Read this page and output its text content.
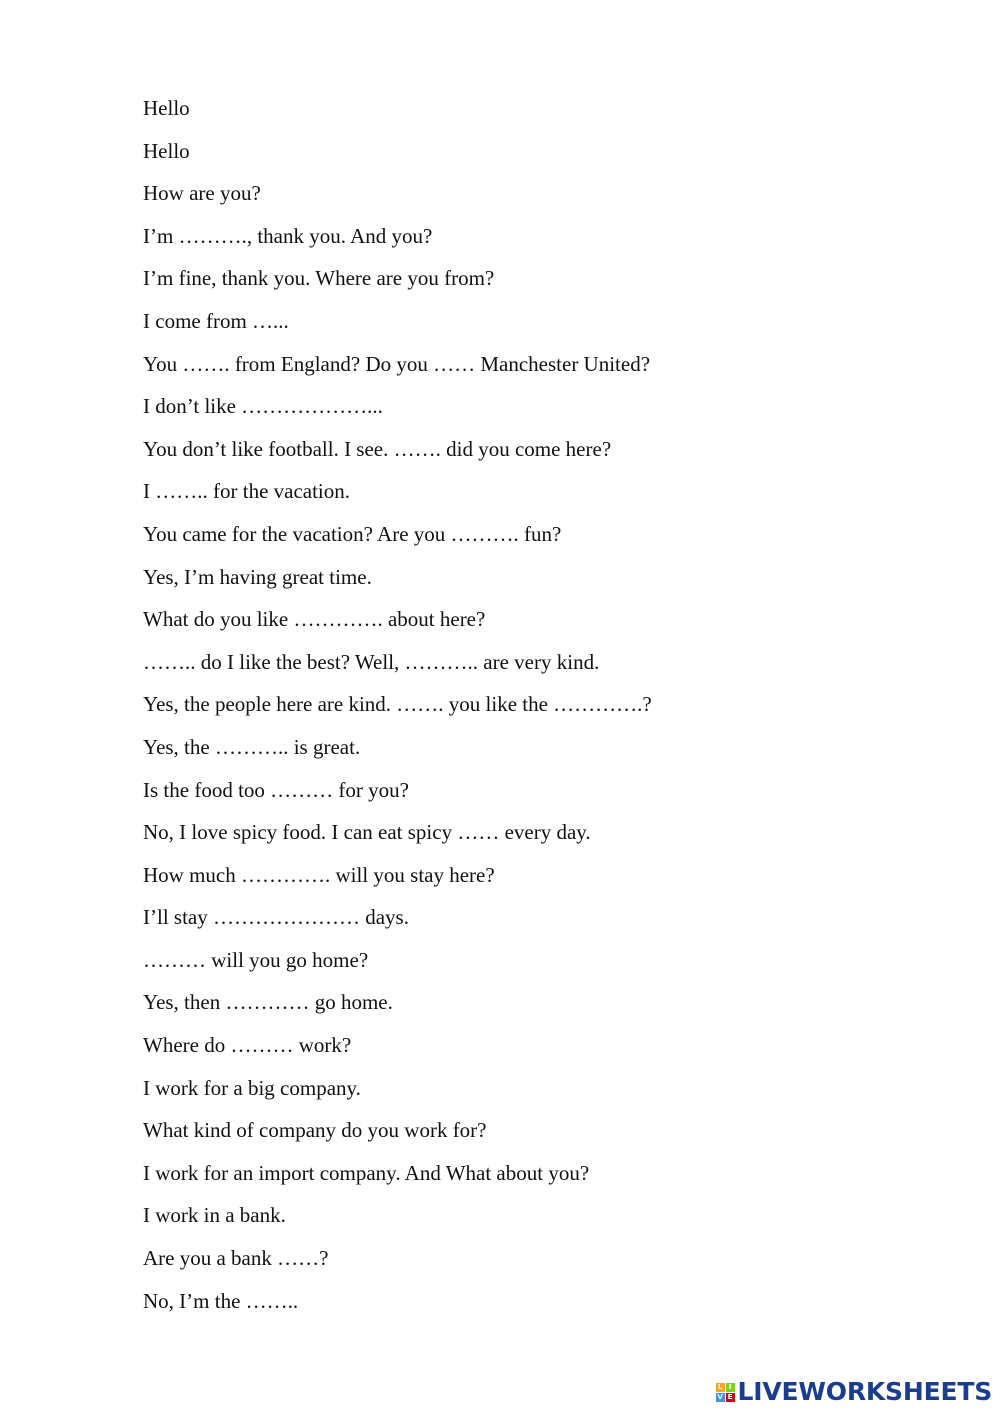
Hello
Hello
How are you?
I’m ………., thank you. And you?
I’m fine, thank you. Where are you from?
I come from …...
You ……. from England? Do you …… Manchester United?
I don’t like ………………...
You don’t like football. I see. ……. did you come here?
I …….. for the vacation.
You came for the vacation? Are you ………. fun?
Yes, I’m having great time.
What do you like …………. about here?
…….. do I like the best? Well, ……….. are very kind.
Yes, the people here are kind. ……. you like the ………….?
Yes, the ……….. is great.
Is the food too ……… for you?
No, I love spicy food. I can eat spicy …… every day.
How much …………. will you stay here?
I’ll stay ………………… days.
……… will you go home?
Yes, then ………… go home.
Where do ……… work?
I work for a big company.
What kind of company do you work for?
I work for an import company. And What about you?
I work in a bank.
Are you a bank ……?
No, I’m the ……..
L I
V E LIVEWORKSHEETS
